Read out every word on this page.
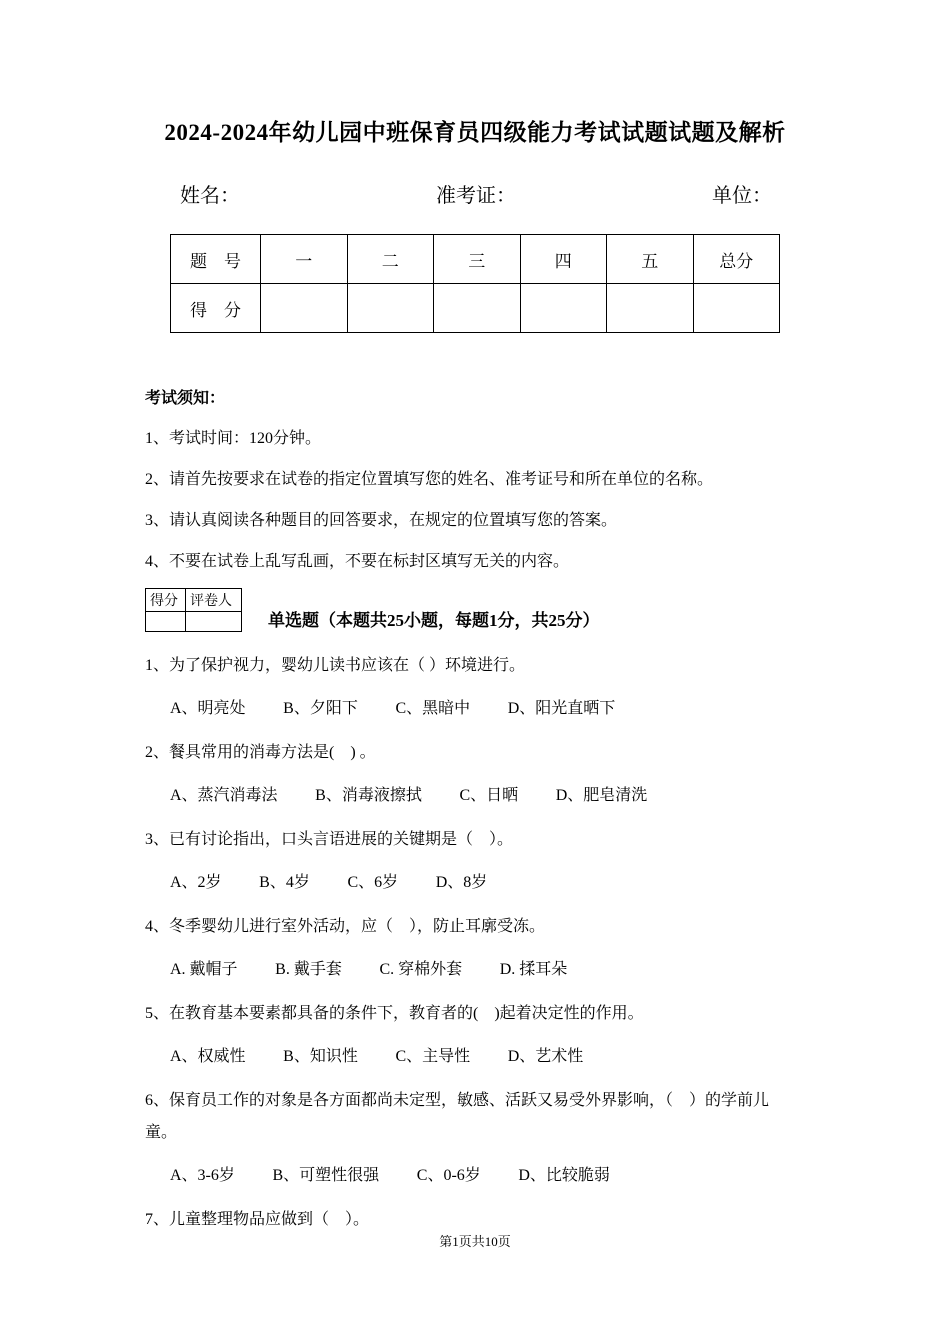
2024-2024年幼儿园中班保育员四级能力考试试题试题及解析
姓名：	准考证：	单位：
题　号	一	二	三	四	五	总分
得　分						
考试须知：

1、考试时间：120分钟。

2、请首先按要求在试卷的指定位置填写您的姓名、准考证号和所在单位的名称。

3、请认真阅读各种题目的回答要求，在规定的位置填写您的答案。

4、不要在试卷上乱写乱画，不要在标封区填写无关的内容。

得分	评卷人

单选题（本题共25小题，每题1分，共25分）

1、为了保护视力，婴幼儿读书应该在（ ）环境进行。

A、明亮处 B、夕阳下 C、黑暗中 D、阳光直晒下

2、餐具常用的消毒方法是(　) 。

A、蒸汽消毒法 B、消毒液擦拭 C、日晒 D、肥皂清洗

3、已有讨论指出，口头言语进展的关键期是（　）。

A、2岁 B、4岁 C、6岁 D、8岁

4、冬季婴幼儿进行室外活动，应（　），防止耳廓受冻。

A. 戴帽子 B. 戴手套 C. 穿棉外套 D. 揉耳朵

5、在教育基本要素都具备的条件下，教育者的(　)起着决定性的作用。

A、权威性 B、知识性 C、主导性 D、艺术性

6、保育员工作的对象是各方面都尚未定型，敏感、活跃又易受外界影响，（　）的学前儿童。

A、3-6岁 B、可塑性很强 C、0-6岁 D、比较脆弱

7、儿童整理物品应做到（　）。

第1页共10页
